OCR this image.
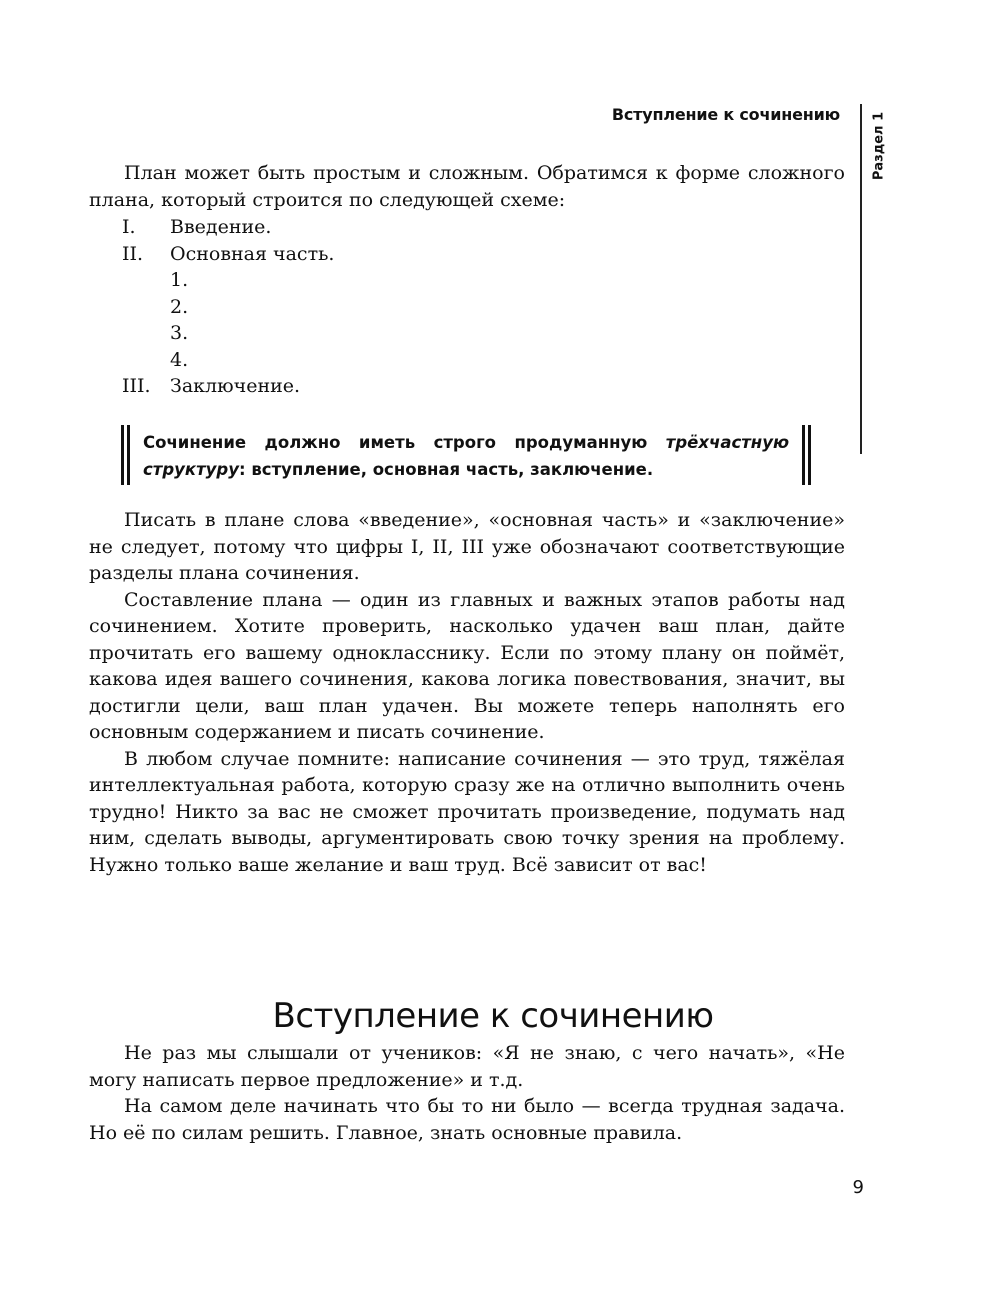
Вступление к сочинению Раздел 1

План может быть простым и сложным. Обратимся к форме сложного плана, который строится по следующей схеме:

I.	Введение.
II.	Основная часть.
1.
2.
3.
4.
III.	Заключение.
Сочинение должно иметь строго продуманную трёхчастную структуру: вступление, основная часть, заключение.

Писать в плане слова «введение», «основная часть» и «заключение» не следует, потому что цифры I, II, III уже обозначают соответствующие разделы плана сочинения.

Составление плана — один из главных и важных этапов работы над сочинением. Хотите проверить, насколько удачен ваш план, дайте прочитать его вашему однокласснику. Если по этому плану он поймёт, какова идея вашего сочинения, какова логика повествования, значит, вы достигли цели, ваш план удачен. Вы можете теперь наполнять его основным содержанием и писать сочинение.

В любом случае помните: написание сочинения — это труд, тяжёлая интеллектуальная работа, которую сразу же на отлично выполнить очень трудно! Никто за вас не сможет прочитать произведение, подумать над ним, сделать выводы, аргументировать свою точку зрения на проблему. Нужно только ваше желание и ваш труд. Всё зависит от вас!

Вступление к сочинению

Не раз мы слышали от учеников: «Я не знаю, с чего начать», «Не могу написать первое предложение» и т.д.

На самом деле начинать что бы то ни было — всегда трудная задача. Но её по силам решить. Главное, знать основные правила.

9
